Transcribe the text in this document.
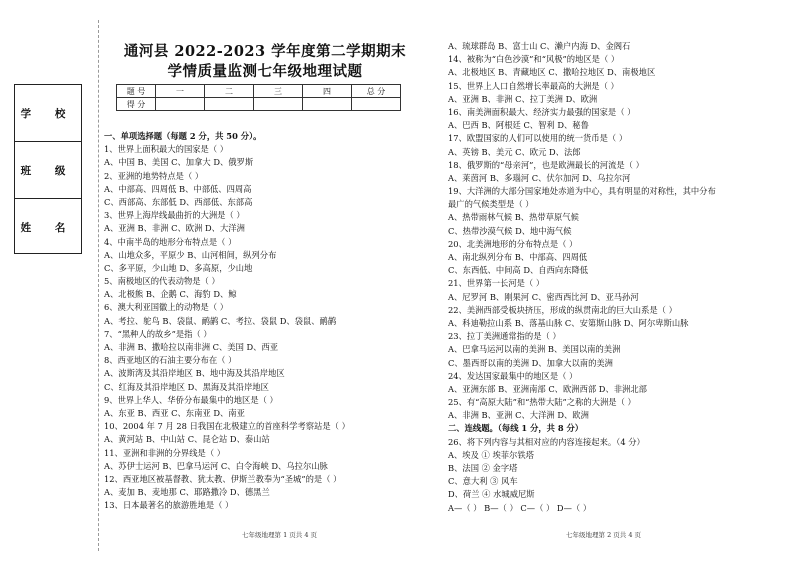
学 校
班 级
姓 名
通河县 2022-2023 学年度第二学期期末
学情质量监测七年级地理试题
题 号	一	二	三	四	总 分
得 分					
一、单项选择题（每题 2 分，共 50 分）。
1、世界上面积最大的国家是（ ）
A、中国 B、美国 C、加拿大 D、俄罗斯
2、亚洲的地势特点是（ ）
A、中部高、四周低 B、中部低、四周高
C、西部高、东部低 D、西部低、东部高
3、世界上海岸线最曲折的大洲是（ ）
A、亚洲 B、非洲 C、欧洲 D、大洋洲
4、中南半岛的地形分布特点是（ ）
A、山地众多，平原少 B、山河相间，纵列分布
C、多平原，少山地 D、多高原，少山地
5、南极地区的代表动物是（ ）
A、北极熊 B、企鹅 C、海豹 D、鲸
6、澳大利亚国徽上的动物是（ ）
A、考拉、鸵鸟 B、袋鼠、鸸鹋 C、考拉、袋鼠 D、袋鼠、鸸鹋
7、“黑种人的故乡”是指（ ）
A、非洲 B、撒哈拉以南非洲 C、美国 D、西亚
8、西亚地区的石油主要分布在（ ）
A、波斯湾及其沿岸地区 B、地中海及其沿岸地区
C、红海及其沿岸地区 D、黑海及其沿岸地区
9、世界上华人、华侨分布最集中的地区是（ ）
A、东亚 B、西亚 C、东南亚 D、南亚
10、2004 年 7 月 28 日我国在北极建立的首座科学考察站是（ ）
A、黄河站 B、中山站 C、昆仑站 D、泰山站
11、亚洲和非洲的分界线是（ ）
A、苏伊士运河 B、巴拿马运河 C、白令海峡 D、乌拉尔山脉
12、西亚地区被基督教、犹太教、伊斯兰教奉为“圣城”的是（ ）
A、麦加 B、麦地那 C、耶路撒冷 D、德黑兰
13、日本最著名的旅游胜地是（ ）
A、琉球群岛 B、富士山 C、濑户内海 D、金阁石
14、被称为“白色沙漠”和“风极”的地区是（ ）
A、北极地区 B、青藏地区 C、撒哈拉地区 D、南极地区
15、世界上人口自然增长率最高的大洲是（ ）
A、亚洲 B、非洲 C、拉丁美洲 D、欧洲
16、南美洲面积最大、经济实力最强的国家是（ ）
A、巴西 B、阿根廷 C、智利 D、秘鲁
17、欧盟国家的人们可以使用的统一货币是（ ）
A、英镑 B、美元 C、欧元 D、法郎
18、俄罗斯的“母亲河”，也是欧洲最长的河流是（ ）
A、莱茵河 B、多瑙河 C、伏尔加河 D、乌拉尔河
19、大洋洲的大部分国家地处赤道为中心，具有明显的对称性，其中分布
最广的气候类型是（ ）
A、热带雨林气候 B、热带草原气候
C、热带沙漠气候 D、地中海气候
20、北美洲地形的分布特点是（ ）
A、南北纵列分布 B、中部高、四周低
C、东西低、中间高 D、自西向东降低
21、世界第一长河是（ ）
A、尼罗河 B、刚果河 C、密西西比河 D、亚马孙河
22、美洲西部受板块挤压，形成的纵贯南北的巨大山系是（ ）
A、科迪勒拉山系 B、落基山脉 C、安第斯山脉 D、阿尔卑斯山脉
23、拉丁美洲通常指的是（ ）
A、巴拿马运河以南的美洲 B、美国以南的美洲
C、墨西哥以南的美洲 D、加拿大以南的美洲
24、发达国家最集中的地区是（ ）
A、亚洲东部 B、亚洲南部 C、欧洲西部 D、非洲北部
25、有“高原大陆”和“热带大陆”之称的大洲是（ ）
A、非洲 B、亚洲 C、大洋洲 D、欧洲
二、连线题。（每线 1 分，共 8 分）
26、将下列内容与其相对应的内容连接起来。（4 分）
A、埃及 ① 埃菲尔铁塔
B、法国 ② 金字塔
C、意大利 ③ 风车
D、荷兰 ④ 水城威尼斯
A—（ ） B—（ ） C—（ ） D—（ ）
七年级地理第 1 页共 4 页	七年级地理第 2 页共 4 页
